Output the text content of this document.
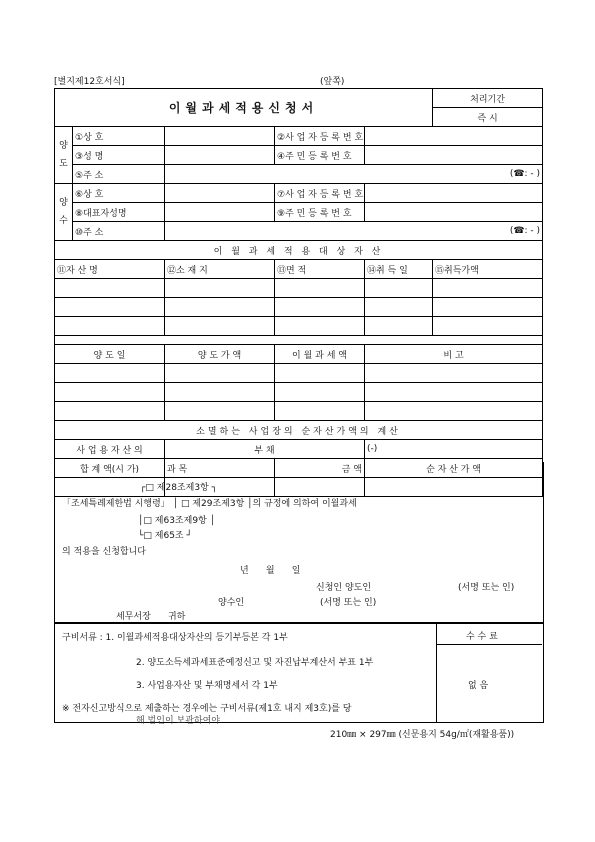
[별지제12호서식]	(앞쪽)
이월과세적용신청서					처리기간
					즉 시
양도	①상 호		②사 업 자 등 록 번 호		
	③성 명		④주 민 등 록 번 호		
	⑤주 소	(☎: - )			
양수	⑥상 호		⑦사 업 자 등 록 번 호		
	⑧대표자성명		⑨주 민 등 록 번 호		
	⑩주 소	(☎: - )			
이 월 과 세 적 용 대 상 자 산					
⑪자 산 명		⑫소 재 지	⑬면 적	⑭취 득 일	⑮취득가액

양 도 일		양 도 가 액	이 월 과 세 액	비 고	

소멸하는 사업장의 순자산가액의 계산					
사 업 용 자 산 의		부 채		(-)	
합 계 액(시 가)		과 목	금 액	순 자 산 가 액	

┌□ 제28조제3항 ┐
「조세특례제한법 시행령」 │ □ 제29조제3항 │의 규정에 의하여 이월과세
│□ 제63조제9항 │
└□ 제65조 ┘
의 적용을 신청합니다
년      월      일
신청인 양도인	(서명 또는 인)
양수인	(서명 또는 인)
세무서장      귀하
구비서류 : 1. 이월과세적용대상자산의 등기부등본 각 1부
2. 양도소득세과세표준예정신고 및 자진납부계산서 부표 1부
3. 사업용자산 및 부채명세서 각 1부
※ 전자신고방식으로 제출하는 경우에는 구비서류(제1호 내지 제3호)를 당
해 법인이 보관하여야
수 수 료
없 음
210㎜ × 297㎜ (신문용지 54g/㎡(재활용품))
